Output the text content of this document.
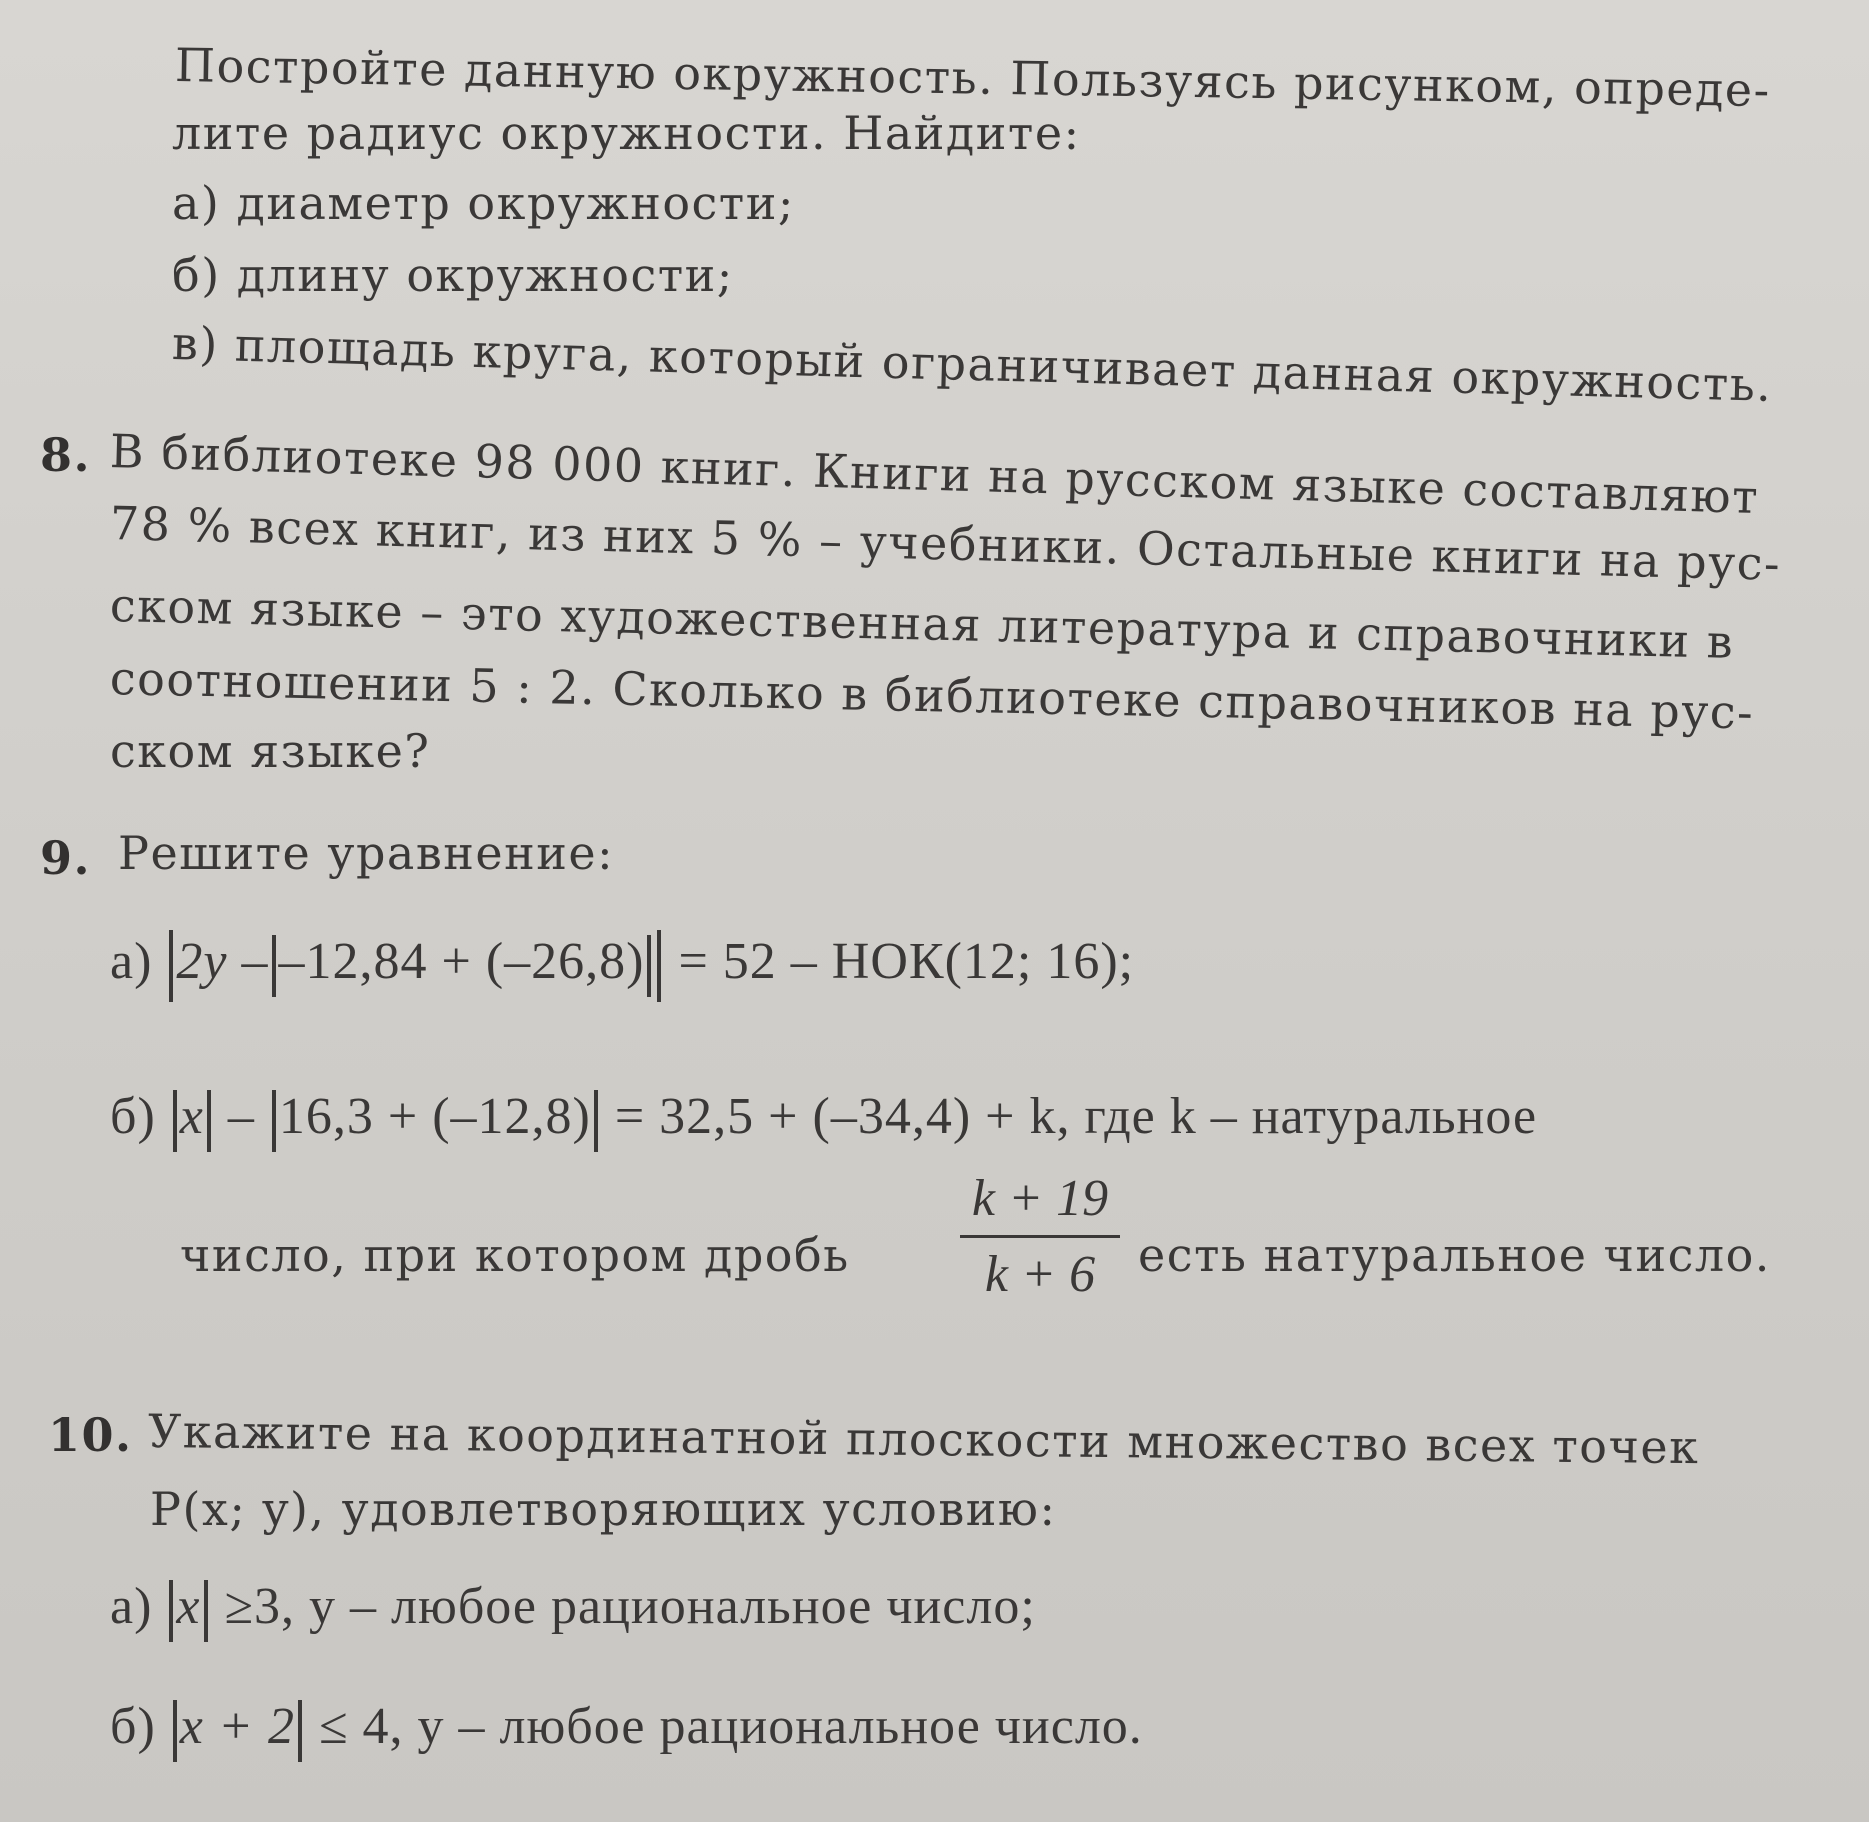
Постройте данную окружность. Пользуясь рисунком, опреде-
лите радиус окружности. Найдите:
а) диаметр окружности;
б) длину окружности;
в) площадь круга, который ограничивает данная окружность.
8. В библиотеке 98 000 книг. Книги на русском языке составляют
78 % всех книг, из них 5 % – учебники. Остальные книги на рус-
ском языке – это художественная литература и справочники в
соотношении 5 : 2. Сколько в библиотеке справочников на рус-
ском языке?
9. Решите уравнение:
а) 2y – –12,84 + (–26,8) = 52 – НОК(12; 16);
б) x – 16,3 + (–12,8) = 32,5 + (–34,4) + k, где k – натуральное
число, при котором дробь
k + 19
k + 6 есть натуральное число.
10. Укажите на координатной плоскости множество всех точек
P(x; y), удовлетворяющих условию:
а) x ≥3, y – любое рациональное число;
б) x + 2 ≤ 4, y – любое рациональное число.
